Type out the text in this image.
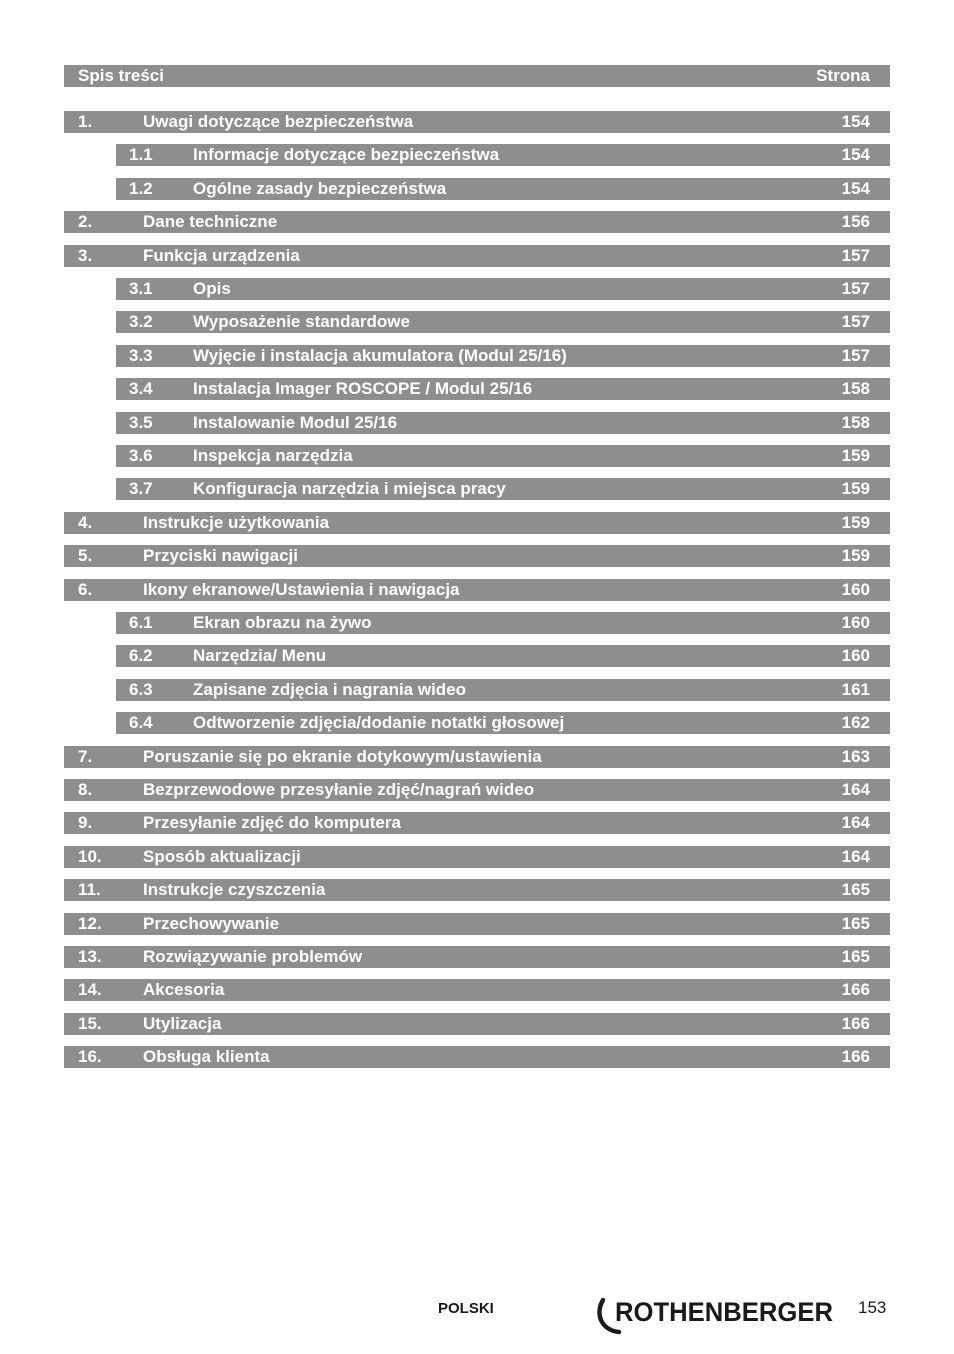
Spis treści	Strona
1.	Uwagi dotyczące bezpieczeństwa	154
1.1	Informacje dotyczące bezpieczeństwa	154
1.2	Ogólne zasady bezpieczeństwa	154
2.	Dane techniczne	156
3.	Funkcja urządzenia	157
3.1	Opis	157
3.2	Wyposażenie standardowe	157
3.3	Wyjęcie i instalacja akumulatora (Modul 25/16)	157
3.4	Instalacja Imager ROSCOPE / Modul 25/16	158
3.5	Instalowanie Modul 25/16	158
3.6	Inspekcja narzędzia	159
3.7	Konfiguracja narzędzia i miejsca pracy	159
4.	Instrukcje użytkowania	159
5.	Przyciski nawigacji	159
6.	Ikony ekranowe/Ustawienia i nawigacja	160
6.1	Ekran obrazu na żywo	160
6.2	Narzędzia/ Menu	160
6.3	Zapisane zdjęcia i nagrania wideo	161
6.4	Odtworzenie zdjęcia/dodanie notatki głosowej	162
7.	Poruszanie się po ekranie dotykowym/ustawienia	163
8.	Bezprzewodowe przesyłanie zdjęć/nagrań wideo	164
9.	Przesyłanie zdjęć do komputera	164
10.	Sposób aktualizacji	164
11.	Instrukcje czyszczenia	165
12.	Przechowywanie	165
13.	Rozwiązywanie problemów	165
14.	Akcesoria	166
15.	Utylizacja	166
16.	Obsługa klienta	166
POLSKI	ROTHENBERGER 153
